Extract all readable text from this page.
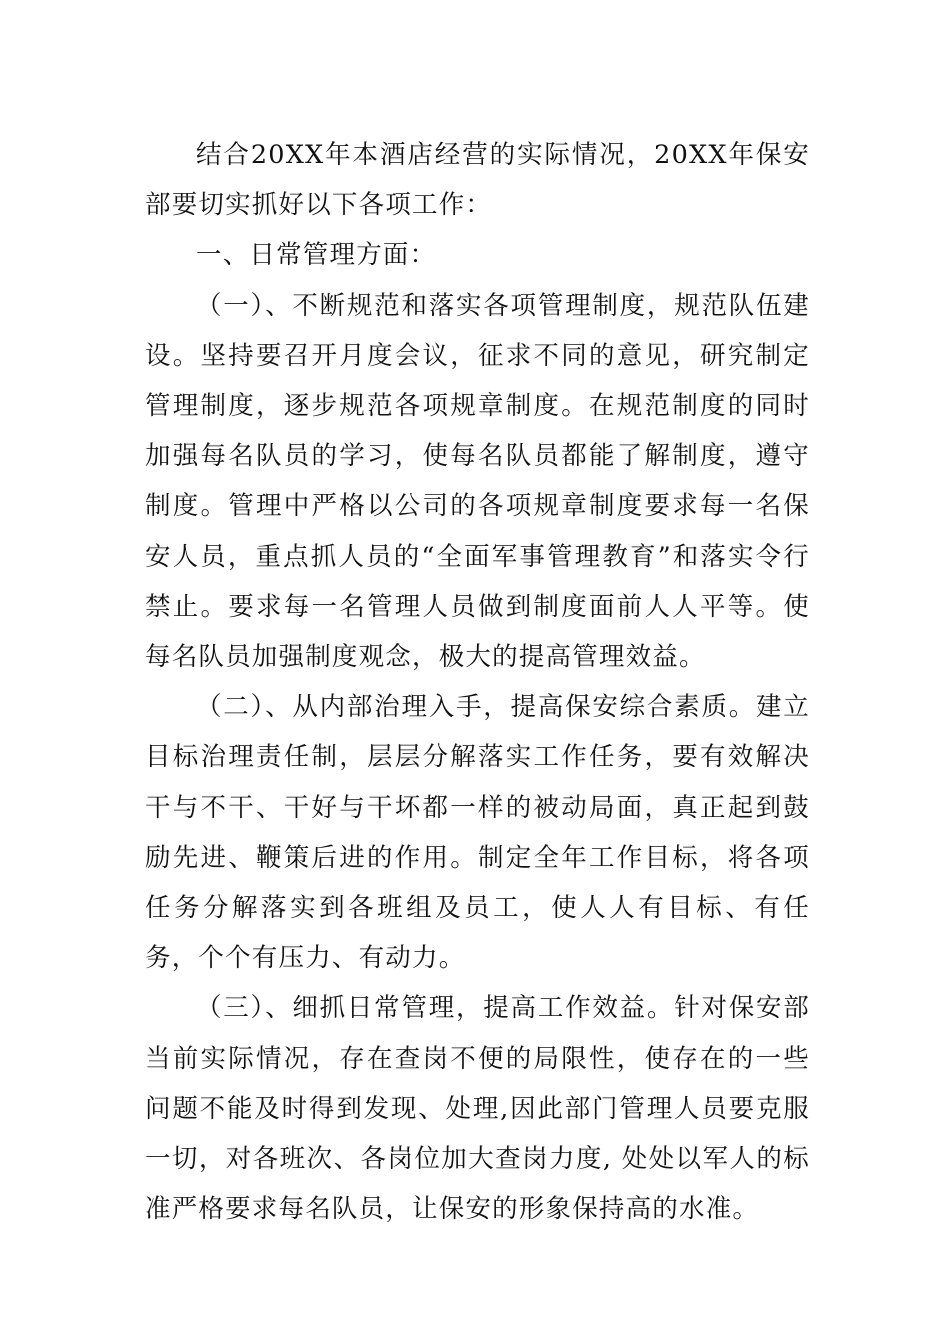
结合20XX年本酒店经营的实际情况，20XX年保安部要切实抓好以下各项工作：

一、日常管理方面：

（一）、不断规范和落实各项管理制度，规范队伍建设。坚持要召开月度会议，征求不同的意见，研究制定管理制度，逐步规范各项规章制度。在规范制度的同时加强每名队员的学习，使每名队员都能了解制度，遵守制度。管理中严格以公司的各项规章制度要求每一名保安人员，重点抓人员的“全面军事管理教育”和落实令行禁止。要求每一名管理人员做到制度面前人人平等。使每名队员加强制度观念，极大的提高管理效益。

（二）、从内部治理入手，提高保安综合素质。建立目标治理责任制，层层分解落实工作任务，要有效解决干与不干、干好与干坏都一样的被动局面，真正起到鼓励先进、鞭策后进的作用。制定全年工作目标，将各项任务分解落实到各班组及员工，使人人有目标、有任务，个个有压力、有动力。

（三）、细抓日常管理，提高工作效益。针对保安部当前实际情况，存在查岗不便的局限性，使存在的一些问题不能及时得到发现、处理,因此部门管理人员要克服一切，对各班次、各岗位加大查岗力度, 处处以军人的标准严格要求每名队员，让保安的形象保持高的水准。
